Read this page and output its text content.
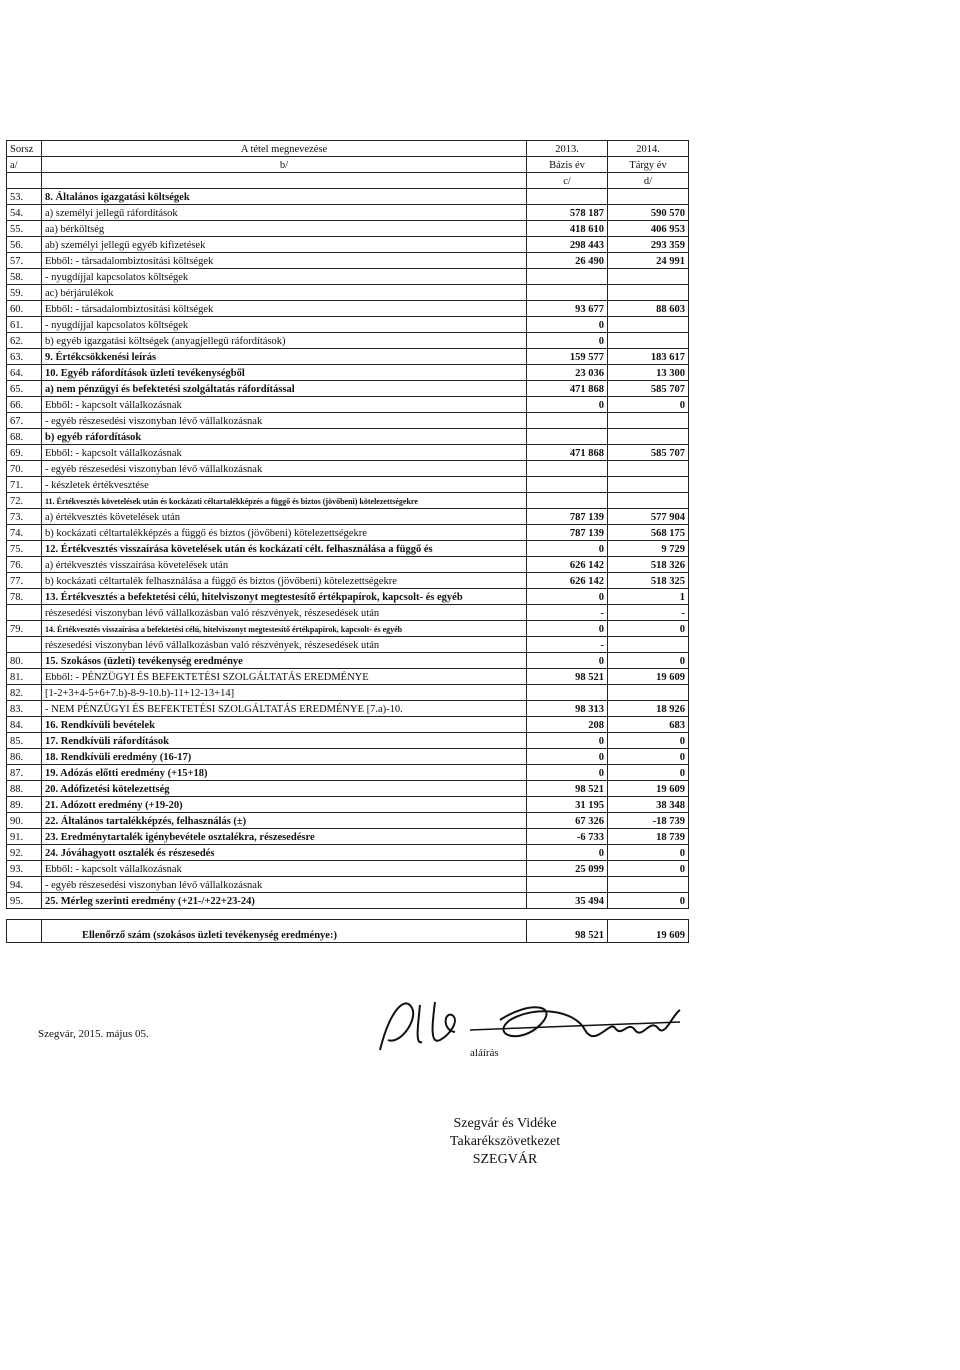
Sorsz	A tétel megnevezése	2013.	2014.
a/	b/	Bázis év	Tárgy év
		c/	d/
53.	8. Általános igazgatási költségek		
54.	a) személyi jellegű ráfordítások	578 187	590 570
55.	aa) bérköltség	418 610	406 953
56.	ab) személyi jellegű egyéb kifizetések	298 443	293 359
57.	Ebből: - társadalombiztosítási költségek	26 490	24 991
58.	- nyugdíjjal kapcsolatos költségek		
59.	ac) bérjárulékok		
60.	Ebből: - társadalombiztosítási költségek	93 677	88 603
61.	- nyugdíjjal kapcsolatos költségek	0	
62.	b) egyéb igazgatási költségek (anyagjellegű ráfordítások)	0	
63.	9. Értékcsökkenési leírás	159 577	183 617
64.	10. Egyéb ráfordítások üzleti tevékenységből	23 036	13 300
65.	a) nem pénzügyi és befektetési szolgáltatás ráfordítással	471 868	585 707
66.	Ebből: - kapcsolt vállalkozásnak	0	0
67.	- egyéb részesedési viszonyban lévő vállalkozásnak		
68.	b) egyéb ráfordítások		
69.	Ebből: - kapcsolt vállalkozásnak	471 868	585 707
70.	- egyéb részesedési viszonyban lévő vállalkozásnak		
71.	- készletek értékvesztése		
72.	11. Értékvesztés követelések után és kockázati céltartalékképzés a függő és biztos (jövőbeni) kötelezettségekre		
73.	a) értékvesztés követelések után	787 139	577 904
74.	b) kockázati céltartalékképzés a függő és biztos (jövőbeni) kötelezettségekre	787 139	568 175
75.	12. Értékvesztés visszaírása követelések után és kockázati célt. felhasználása a függő és	0	9 729
76.	a) értékvesztés visszaírása követelések után	626 142	518 326
77.	b) kockázati céltartalék felhasználása a függő és biztos (jövőbeni) kötelezettségekre	626 142	518 325
78.	13. Értékvesztés a befektetési célú, hitelviszonyt megtestesítő értékpapírok, kapcsolt- és egyéb	0	1
	részesedési viszonyban lévő vállalkozásban való részvények, részesedések után	-	-
79.	14. Értékvesztés visszaírása a befektetési célú, hitelviszonyt megtestesítő értékpapírok, kapcsolt- és egyéb	0	0
	részesedési viszonyban lévő vállalkozásban való részvények, részesedések után	-	
80.	15. Szokásos (üzleti) tevékenység eredménye	0	0
81.	Ebből: - PÉNZÜGYI ÉS BEFEKTETÉSI SZOLGÁLTATÁS EREDMÉNYE	98 521	19 609
82.	[1-2+3+4-5+6+7.b)-8-9-10.b)-11+12-13+14]		
83.	- NEM PÉNZÜGYI ÉS BEFEKTETÉSI SZOLGÁLTATÁS EREDMÉNYE [7.a)-10.	98 313	18 926
84.	16. Rendkívüli bevételek	208	683
85.	17. Rendkívüli ráfordítások	0	0
86.	18. Rendkívüli eredmény (16-17)	0	0
87.	19. Adózás előtti eredmény (+15+18)	0	0
88.	20. Adófizetési kötelezettség	98 521	19 609
89.	21. Adózott eredmény (+19-20)	31 195	38 348
90.	22. Általános tartalékképzés, felhasználás (±)	67 326	-18 739
91.	23. Eredménytartalék igénybevétele osztalékra, részesedésre	-6 733	18 739
92.	24. Jóváhagyott osztalék és részesedés	0	0
93.	Ebből: - kapcsolt vállalkozásnak	25 099	0
94.	- egyéb részesedési viszonyban lévő vállalkozásnak		
95.	25. Mérleg szerinti eredmény (+21-/+22+23-24)	35 494	0

	Ellenőrző szám (szokásos üzleti tevékenység eredménye:)	98 521	19 609
Szegvár, 2015. május 05.
aláírás
Szegvár és Vidéke
Takarékszövetkezet
SZEGVÁR
